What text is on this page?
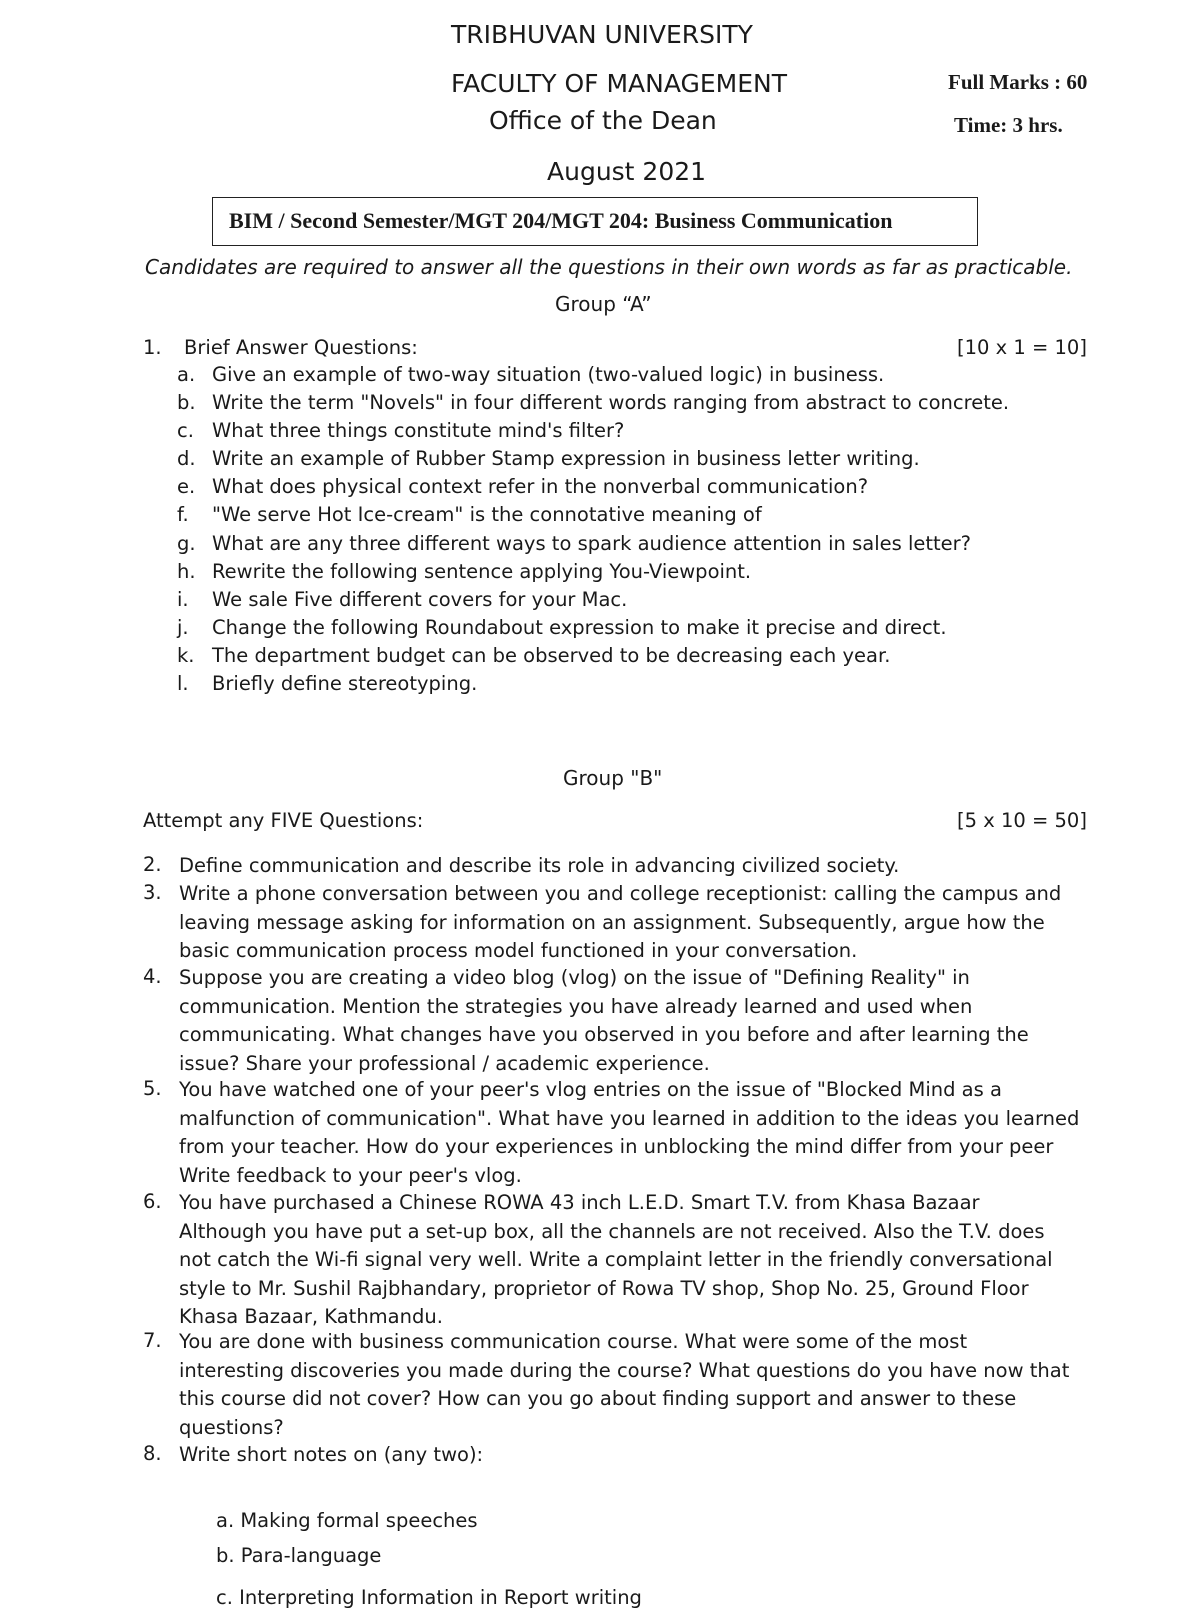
TRIBHUVAN UNIVERSITY
FACULTY OF MANAGEMENT
Office of the Dean
August 2021
Full Marks : 60
Time: 3 hrs.
BIM / Second Semester/MGT 204/MGT 204: Business Communication
Candidates are required to answer all the questions in their own words as far as practicable.
Group “A”
1. Brief Answer Questions:	[10 x 1 = 10]
a. Give an example of two-way situation (two-valued logic) in business.
b. Write the term "Novels" in four different words ranging from abstract to concrete.
c. What three things constitute mind's filter?
d. Write an example of Rubber Stamp expression in business letter writing.
e. What does physical context refer in the nonverbal communication?
f. "We serve Hot Ice-cream" is the connotative meaning of
g. What are any three different ways to spark audience attention in sales letter?
h. Rewrite the following sentence applying You-Viewpoint.
i. We sale Five different covers for your Mac.
j. Change the following Roundabout expression to make it precise and direct.
k. The department budget can be observed to be decreasing each year.
l. Briefly define stereotyping.
Group "B"
Attempt any FIVE Questions:	[5 x 10 = 50]
2. Define communication and describe its role in advancing civilized society.
3. Write a phone conversation between you and college receptionist: calling the campus and
leaving message asking for information on an assignment. Subsequently, argue how the
basic communication process model functioned in your conversation.
4. Suppose you are creating a video blog (vlog) on the issue of "Defining Reality" in
communication. Mention the strategies you have already learned and used when
communicating. What changes have you observed in you before and after learning the
issue? Share your professional / academic experience.
5. You have watched one of your peer's vlog entries on the issue of "Blocked Mind as a
malfunction of communication". What have you learned in addition to the ideas you learned
from your teacher. How do your experiences in unblocking the mind differ from your peer
Write feedback to your peer's vlog.
6. You have purchased a Chinese ROWA 43 inch L.E.D. Smart T.V. from Khasa Bazaar
Although you have put a set-up box, all the channels are not received. Also the T.V. does
not catch the Wi-fi signal very well. Write a complaint letter in the friendly conversational
style to Mr. Sushil Rajbhandary, proprietor of Rowa TV shop, Shop No. 25, Ground Floor
Khasa Bazaar, Kathmandu.
7. You are done with business communication course. What were some of the most
interesting discoveries you made during the course? What questions do you have now that
this course did not cover? How can you go about finding support and answer to these
questions?
8. Write short notes on (any two):
a. Making formal speeches
b. Para-language
c. Interpreting Information in Report writing
